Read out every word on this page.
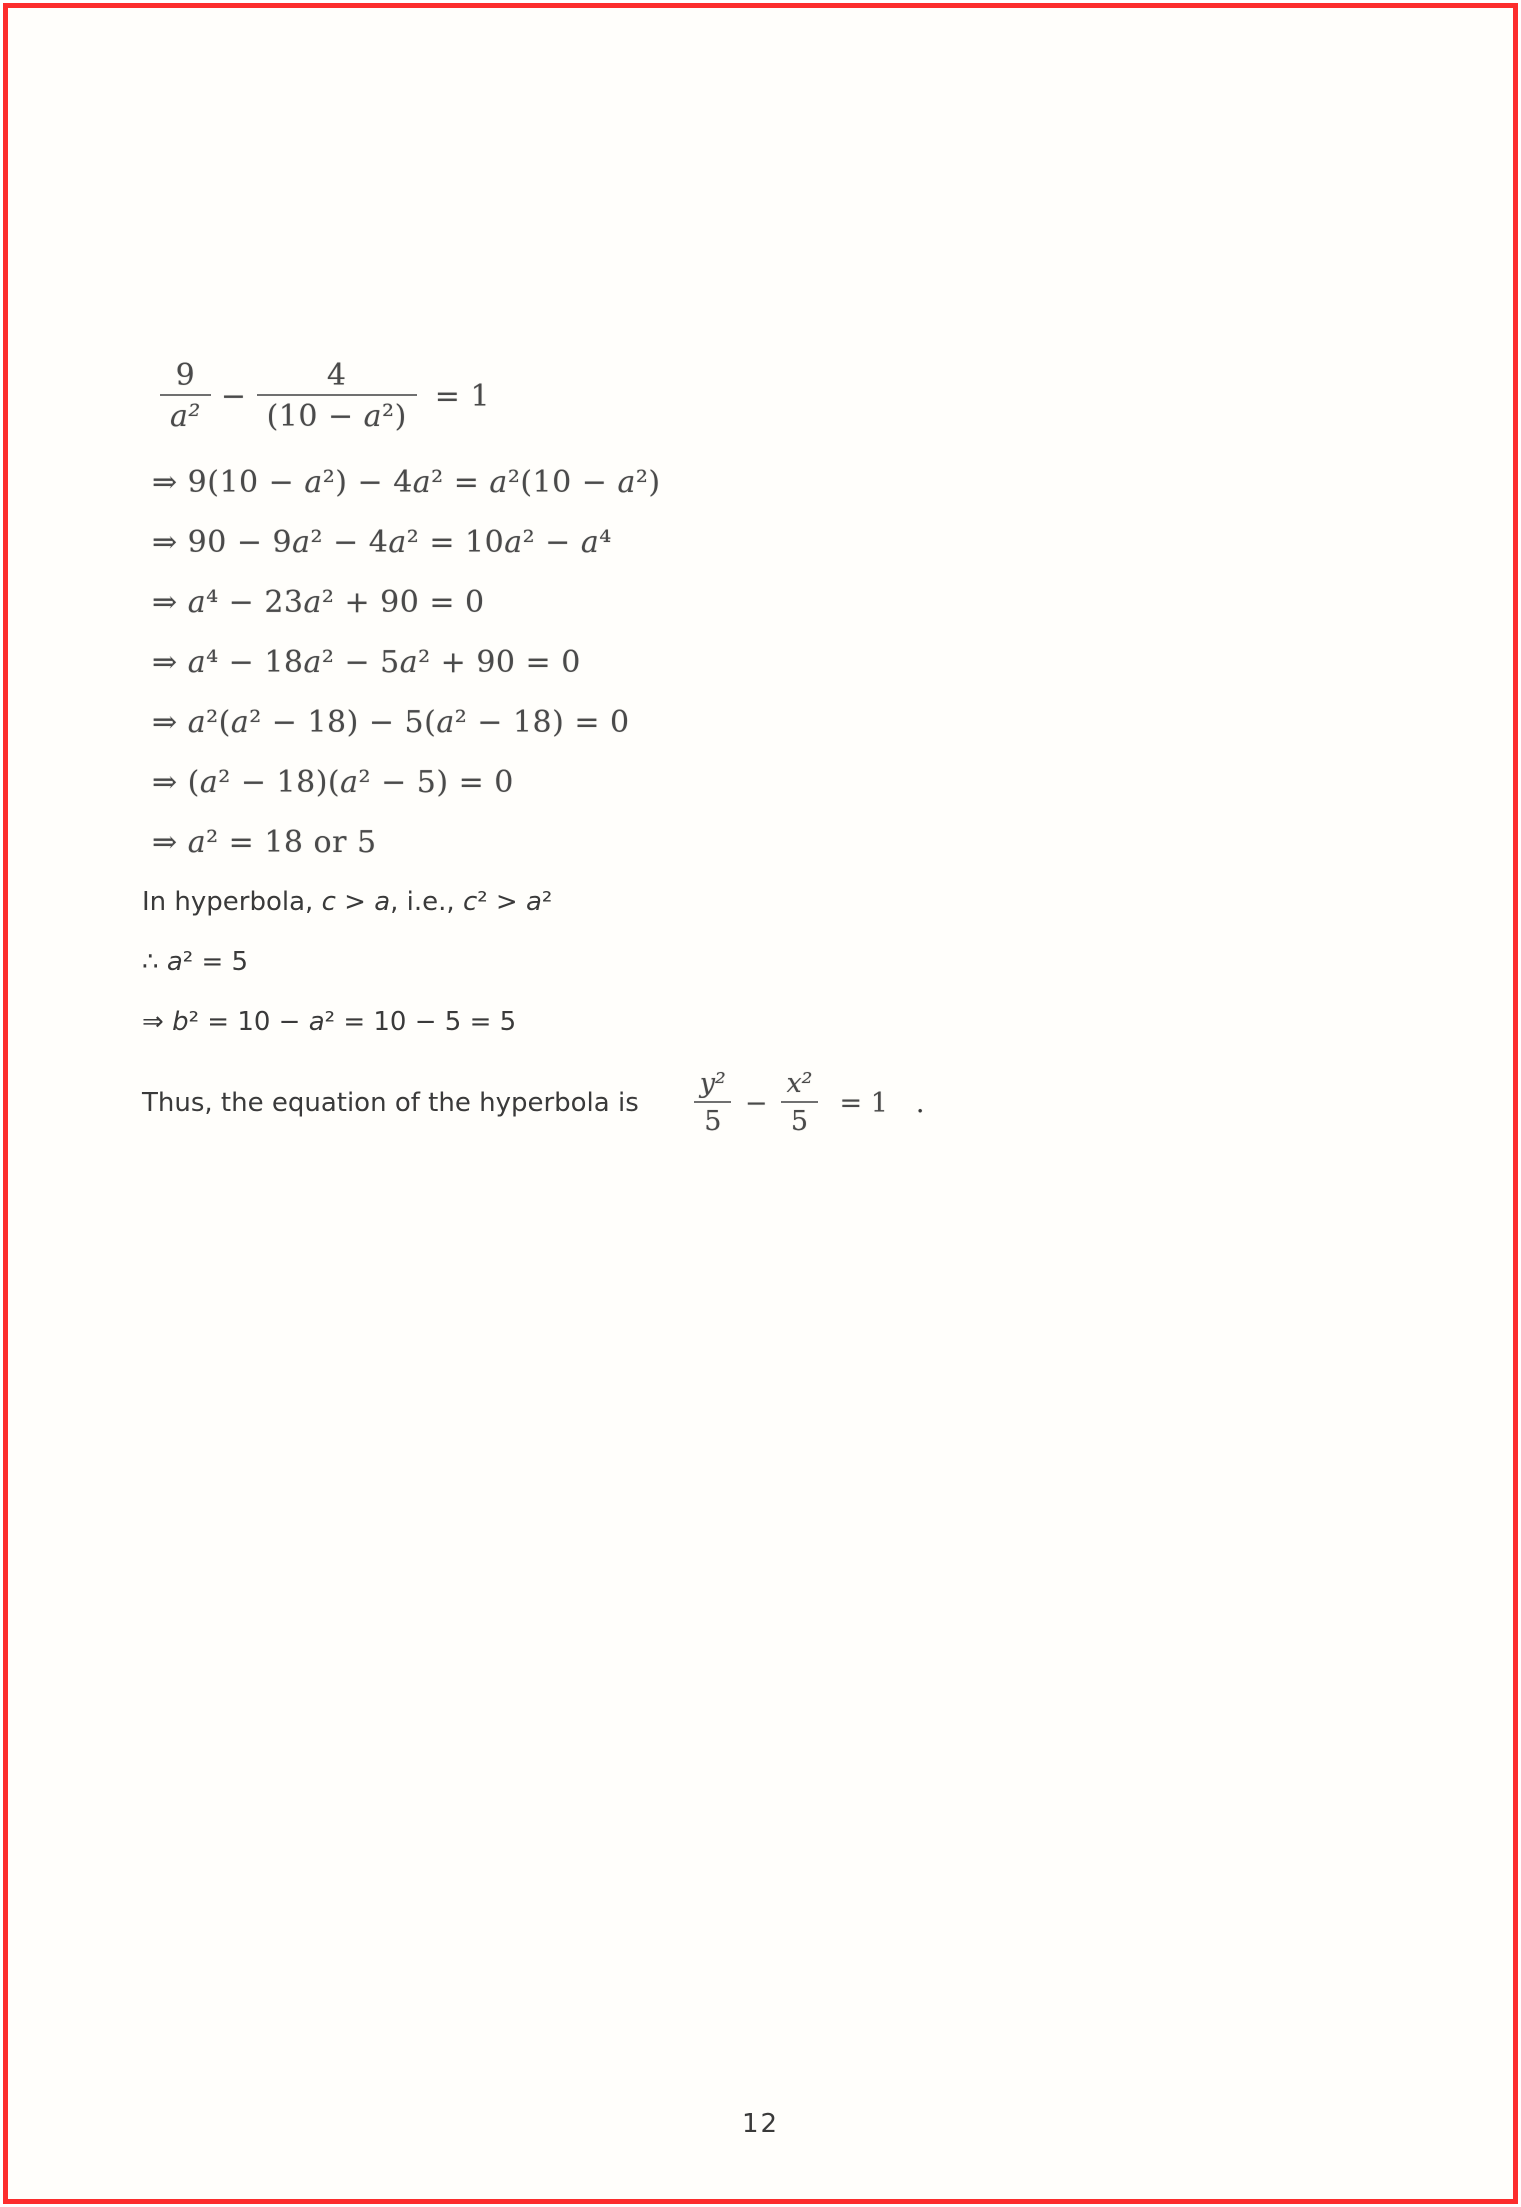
$\frac{9}{\text{a²}} - \frac{4}{\text{(10 − a²)}} = 1$
⇒ 9(10 − a ²) − 4 a ² = a ²(10 − a ²)
⇒ 90 − 9 a ² − 4 a ² = 10 a ² − a ⁴
⇒ a ⁴ − 23 a ² + 90 = 0
⇒ a ⁴ − 18 a ² − 5 a ² + 90 = 0
⇒ a ²( a ² − 18) − 5( a ² − 18) = 0
⇒ ( a ² − 18)( a ² − 5) = 0
⇒ a ² = 18 or 5
In hyperbola, c > a , i.e., c ² > a ²
∴ a ² = 5
⇒ b ² = 10 − a ² = 10 − 5 = 5
Thus, the equation of the hyperbola is $\frac{\text{y²}}{5} - \frac{\text{x²}}{5} = 1$ .
12
